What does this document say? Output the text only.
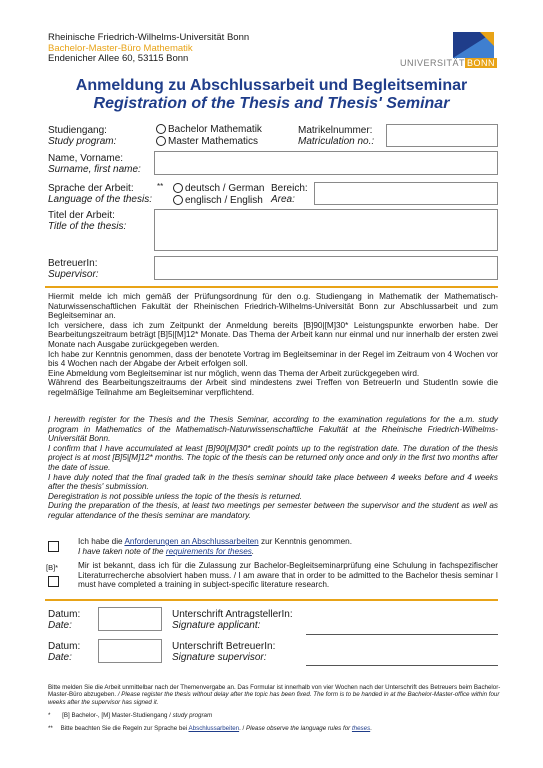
Rheinische Friedrich-Wilhelms-Universität Bonn
Bachelor-Master-Büro Mathematik
Endenicher Allee 60, 53115 Bonn	UNIVERSITÄT BONN
Anmeldung zu Abschlussarbeit und Begleitseminar
Registration of the Thesis and Thesis' Seminar
Studiengang:
Study program:
Bachelor Mathematik
Master Mathematics
Matrikelnummer:
Matriculation no.:
Name, Vorname:
Surname, first name:
Sprache der Arbeit:
Language of the thesis:
**	deutsch / German
englisch / English
Bereich:
Area:
Titel der Arbeit:
Title of the thesis:
BetreuerIn:
Supervisor:

Hiermit melde ich mich gemäß der Prüfungsordnung für den o.g. Studiengang in Mathematik der Mathematisch-Naturwissenschaftlichen Fakultät der Rheinischen Friedrich-Wilhelms-Universität Bonn zur Abschlussarbeit und zum Begleitseminar an.

Ich versichere, dass ich zum Zeitpunkt der Anmeldung bereits [B]90|[M]30* Leistungspunkte erworben habe. Der Bearbeitungszeitraum beträgt [B]5|[M]12* Monate. Das Thema der Arbeit kann nur einmal und nur innerhalb der ersten zwei Monate nach Ausgabe zurückgegeben werden.

Ich habe zur Kenntnis genommen, dass der benotete Vortrag im Begleitseminar in der Regel im Zeitraum von 4 Wochen vor bis 4 Wochen nach der Abgabe der Arbeit erfolgen soll.

Eine Abmeldung vom Begleitseminar ist nur möglich, wenn das Thema der Arbeit zurückgegeben wird.

Während des Bearbeitungszeitraums der Arbeit sind mindestens zwei Treffen von BetreuerIn und StudentIn sowie die regelmäßige Teilnahme am Begleitseminar verpflichtend.

I herewith register for the Thesis and the Thesis Seminar, according to the examination regulations for the a.m. study program in Mathematics of the Mathematisch-Naturwissenschaftliche Fakultät at the Rheinische Friedrich-Wilhelms-Universität Bonn.

I confirm that I have accumulated at least [B]90|[M]30* credit points up to the registration date. The duration of the thesis project is at most [B]5|[M]12* months. The topic of the thesis can be returned only once and only in the first two months after the date of issue.

I have duly noted that the final graded talk in the thesis seminar should take place between 4 weeks before and 4 weeks after the thesis' submission.

Deregistration is not possible unless the topic of the thesis is returned.

During the preparation of the thesis, at least two meetings per semester between the supervisor and the student as well as regular attendance of the thesis seminar are mandatory.

Ich habe die Anforderungen an Abschlussarbeiten zur Kenntnis genommen.
I have taken note of the requirements for theses.
[B]* Mir ist bekannt, dass ich für die Zulassung zur Bachelor-Begleitseminarprüfung eine Schulung in fachspezifischer Literaturrecherche absolviert haben muss. / I am aware that in order to be admitted to the Bachelor thesis seminar I must have completed a training in subject-specific literature research.
Datum:
Date:
Unterschrift AntragstellerIn:
Signature applicant:
Datum:
Date:
Unterschrift BetreuerIn:
Signature supervisor:
Bitte melden Sie die Arbeit unmittelbar nach der Themenvergabe an. Das Formular ist innerhalb von vier Wochen nach der Unterschrift des Betreuers beim Bachelor-Master-Büro abzugeben. / Please register the thesis without delay after the topic has been fixed. The form is to be handed in at the Bachelor-Master-office within four weeks after the supervisor has signed it.
* [B] Bachelor-, [M] Master-Studiengang / study program
** Bitte beachten Sie die Regeln zur Sprache bei Abschlussarbeiten. / Please observe the language rules for theses.
